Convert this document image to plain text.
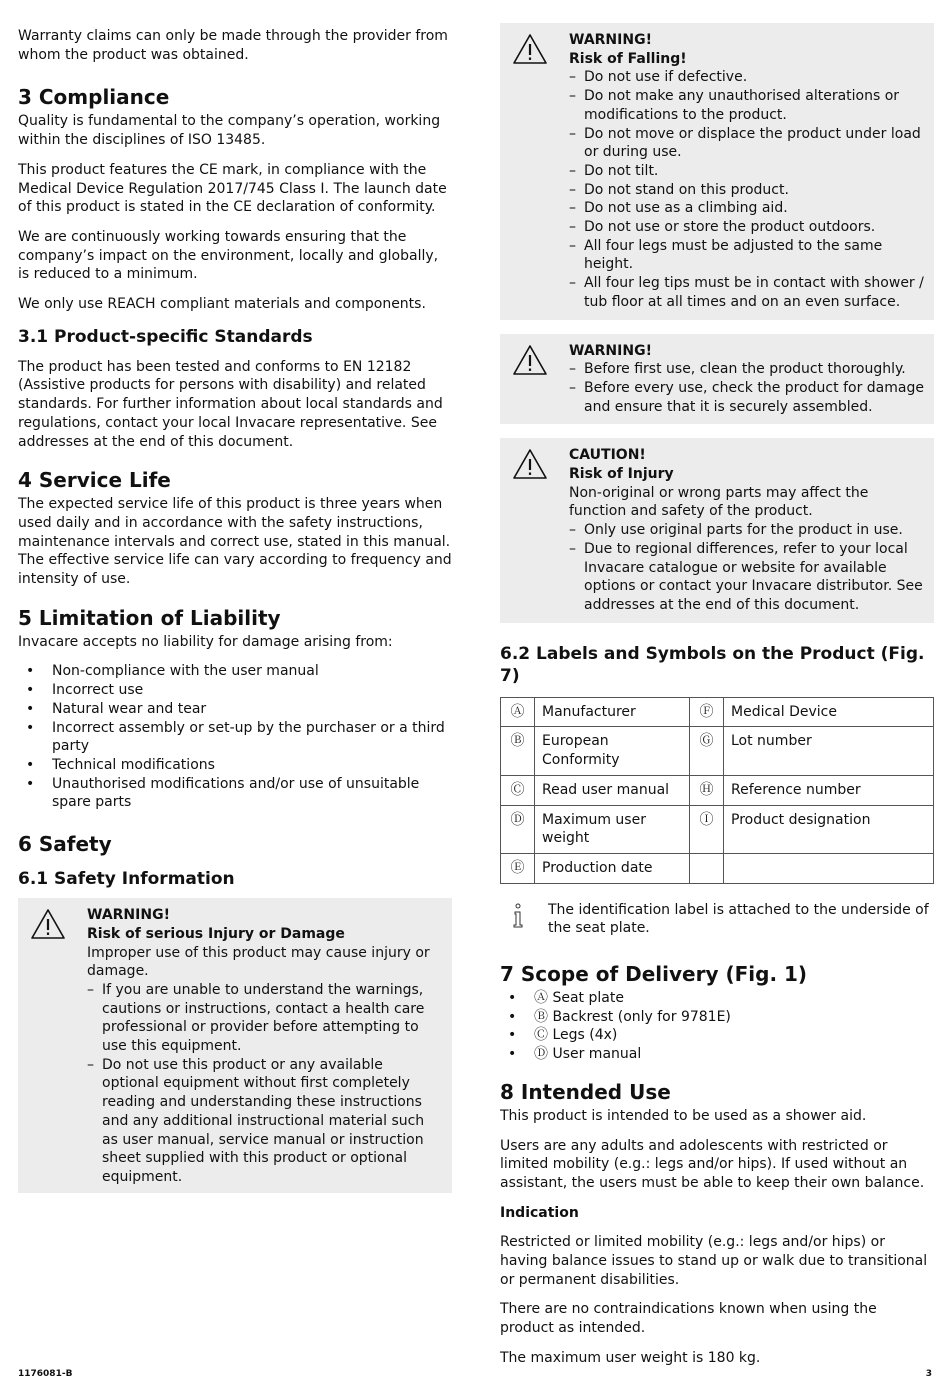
Warranty claims can only be made through the provider from whom the product was obtained.

3 Compliance

Quality is fundamental to the company’s operation, working within the disciplines of ISO 13485.

This product features the CE mark, in compliance with the Medical Device Regulation 2017/745 Class I. The launch date of this product is stated in the CE declaration of conformity.

We are continuously working towards ensuring that the company’s impact on the environment, locally and globally, is reduced to a minimum.

We only use REACH compliant materials and components.

3.1 Product-specific Standards

The product has been tested and conforms to EN 12182 (Assistive products for persons with disability) and related standards. For further information about local standards and regulations, contact your local Invacare representative. See addresses at the end of this document.

4 Service Life

The expected service life of this product is three years when used daily and in accordance with the safety instructions, maintenance intervals and correct use, stated in this manual. The effective service life can vary according to frequency and intensity of use.

5 Limitation of Liability

Invacare accepts no liability for damage arising from:

• Non-compliance with the user manual
• Incorrect use
• Natural wear and tear
• Incorrect assembly or set-up by the purchaser or a third party
• Technical modifications
• Unauthorised modifications and/or use of unsuitable spare parts
6 Safety
6.1 Safety Information

WARNING!

Risk of serious Injury or Damage

Improper use of this product may cause injury or damage.

– If you are unable to understand the warnings, cautions or instructions, contact a health care professional or provider before attempting to use this equipment.
– Do not use this product or any available optional equipment without first completely reading and understanding these instructions and any additional instructional material such as user manual, service manual or instruction sheet supplied with this product or optional equipment.

WARNING!

Risk of Falling!

– Do not use if defective.
– Do not make any unauthorised alterations or modifications to the product.
– Do not move or displace the product under load or during use.
– Do not tilt.
– Do not stand on this product.
– Do not use as a climbing aid.
– Do not use or store the product outdoors.
– All four legs must be adjusted to the same height.
– All four leg tips must be in contact with shower / tub floor at all times and on an even surface.

WARNING!

– Before first use, clean the product thoroughly.
– Before every use, check the product for damage and ensure that it is securely assembled.

CAUTION!

Risk of Injury

Non-original or wrong parts may affect the function and safety of the product.

– Only use original parts for the product in use.
– Due to regional differences, refer to your local Invacare catalogue or website for available options or contact your Invacare distributor. See addresses at the end of this document.
6.2 Labels and Symbols on the Product (Fig. 7)
Ⓐ	Manufacturer	Ⓕ	Medical Device
Ⓑ	European Conformity	Ⓖ	Lot number
Ⓒ	Read user manual	Ⓗ	Reference number
Ⓓ	Maximum user weight	Ⓘ	Product designation
Ⓔ	Production date		

The identification label is attached to the underside of the seat plate.

7 Scope of Delivery (Fig. 1)
• Ⓐ Seat plate
• Ⓑ Backrest (only for 9781E)
• Ⓒ Legs (4x)
• Ⓓ User manual
8 Intended Use

This product is intended to be used as a shower aid.

Users are any adults and adolescents with restricted or limited mobility (e.g.: legs and/or hips). If used without an assistant, the users must be able to keep their own balance.

Indication

Restricted or limited mobility (e.g.: legs and/or hips) or having balance issues to stand up or walk due to transitional or permanent disabilities.

There are no contraindications known when using the product as intended.

The maximum user weight is 180 kg.

1176081-B	3
